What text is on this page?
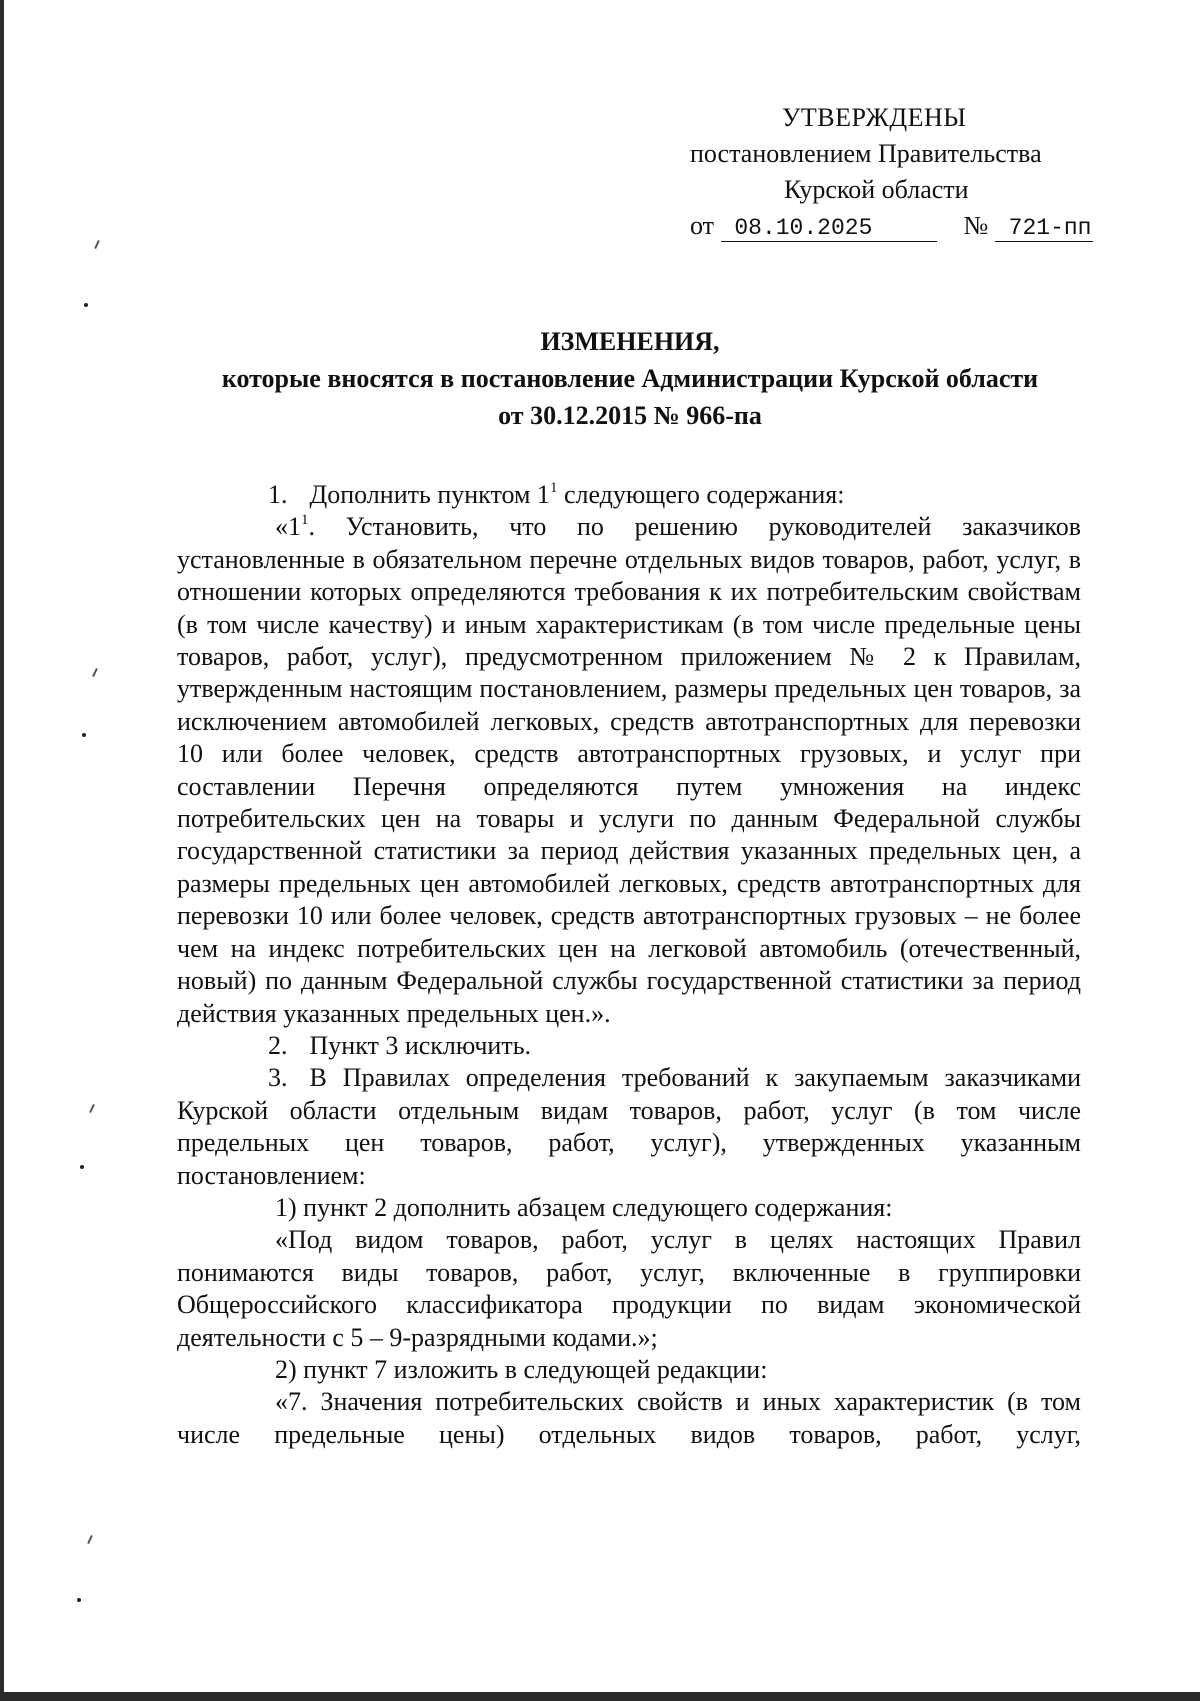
УТВЕРЖДЕНЫ
постановлением Правительства
Курской области
от 08.10.2025	№ 721-пп
ИЗМЕНЕНИЯ,
которые вносятся в постановление Администрации Курской области
от 30.12.2015 № 966-па

1. Дополнить пунктом $1^1$ следующего содержания:

«$1^1$. Установить, что по решению руководителей заказчиков установленные в обязательном перечне отдельных видов товаров, работ, услуг, в отношении которых определяются требования к их потребительским свойствам (в том числе качеству) и иным характеристикам (в том числе предельные цены товаров, работ, услуг), предусмотренном приложением № 2 к Правилам, утвержденным настоящим постановлением, размеры предельных цен товаров, за исключением автомобилей легковых, средств автотранспортных для перевозки 10 или более человек, средств автотранспортных грузовых, и услуг при составлении Перечня определяются путем умножения на индекс потребительских цен на товары и услуги по данным Федеральной службы государственной статистики за период действия указанных предельных цен, а размеры предельных цен автомобилей легковых, средств автотранспортных для перевозки 10 или более человек, средств автотранспортных грузовых – не более чем на индекс потребительских цен на легковой автомобиль (отечественный, новый) по данным Федеральной службы государственной статистики за период действия указанных предельных цен.».

2. Пункт 3 исключить.

3. В Правилах определения требований к закупаемым заказчиками Курской области отдельным видам товаров, работ, услуг (в том числе предельных цен товаров, работ, услуг), утвержденных указанным постановлением:

1) пункт 2 дополнить абзацем следующего содержания:

«Под видом товаров, работ, услуг в целях настоящих Правил понимаются виды товаров, работ, услуг, включенные в группировки Общероссийского классификатора продукции по видам экономической деятельности с 5 – 9-разрядными кодами.»;

2) пункт 7 изложить в следующей редакции:

«7. Значения потребительских свойств и иных характеристик (в том числе предельные цены) отдельных видов товаров, работ, услуг,
